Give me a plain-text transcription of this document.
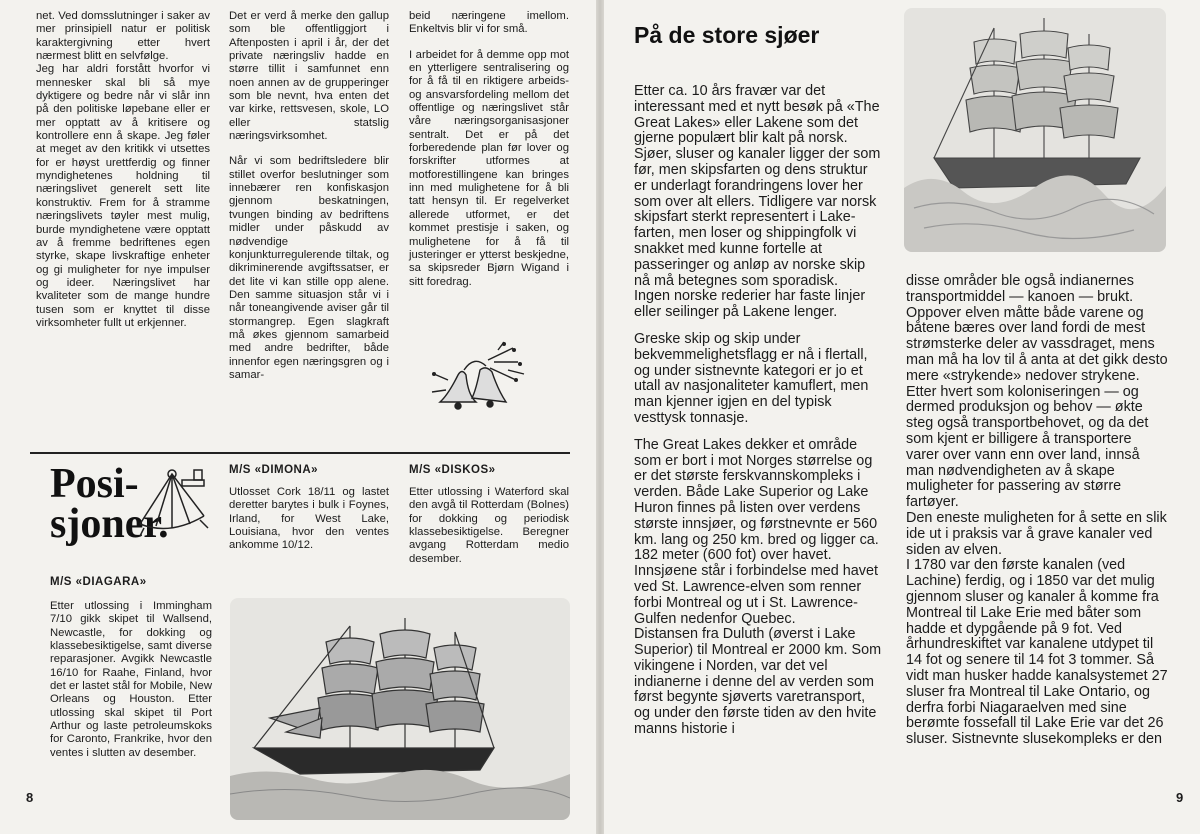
net. Ved domsslutninger i saker av mer prinsipiell natur er politisk karaktergivning etter hvert nærmest blitt en selvfølge.

Jeg har aldri forstått hvorfor vi mennesker skal bli så mye dyktigere og bedre når vi slår inn på den politiske løpebane eller er mer opptatt av å kritisere og kontrollere enn å skape. Jeg føler at meget av den kritikk vi utsettes for er høyst urettferdig og finner myndighetenes holdning til næringslivet generelt sett lite konstruktiv. Frem for å stramme næringslivets tøyler mest mulig, burde myndighetene være opptatt av å fremme bedriftenes egen styrke, skape livskraftige enheter og gi muligheter for nye impulser og ideer. Næringslivet har kvaliteter som de mange hundre tusen som er knyttet til disse virksomheter fullt ut erkjenner.

Det er verd å merke den gallup som ble offentliggjort i Aftenposten i april i år, der det private næringsliv hadde en større tillit i samfunnet enn noen annen av de grupperinger som ble nevnt, hva enten det var kirke, rettsvesen, skole, LO eller statslig næringsvirksomhet.

Når vi som bedriftsledere blir stillet overfor beslutninger som innebærer ren konfiskasjon gjennom beskatningen, tvungen binding av bedriftens midler under påskudd av nødvendige konjunkturregulerende tiltak, og dikriminerende avgiftssatser, er det lite vi kan stille opp alene. Den samme situasjon står vi i når toneangivende aviser går til stormangrep. Egen slagkraft må økes gjennom samarbeid med andre bedrifter, både innenfor egen næringsgren og i samar-

beid næringene imellom. Enkeltvis blir vi for små.

I arbeidet for å demme opp mot en ytterligere sentralisering og for å få til en riktigere arbeids- og ansvarsfordeling mellom det offentlige og næringslivet står våre næringsorganisasjoner sentralt. Det er på det forberedende plan før lover og forskrifter utformes at motforestillingene kan bringes inn med mulighetene for å bli tatt hensyn til. Er regelverket allerede utformet, er det kommet prestisje i saken, og mulighetene for å få til justeringer er ytterst beskjedne, sa skipsreder Bjørn Wigand i sitt foredrag.

Posi-
sjoner.
M/S «DIAGARA»

Etter utlossing i Immingham 7/10 gikk skipet til Wallsend, Newcastle, for dokking og klassebesiktigelse, samt diverse reparasjoner. Avgikk Newcastle 16/10 for Raahe, Finland, hvor det er lastet stål for Mobile, New Orleans og Houston. Etter utlossing skal skipet til Port Arthur og laste petroleumskoks for Caronto, Frankrike, hvor den ventes i slutten av desember.

M/S «DIMONA»

Utlosset Cork 18/11 og lastet deretter barytes i bulk i Foynes, Irland, for West Lake, Louisiana, hvor den ventes ankomme 10/12.

M/S «DISKOS»

Etter utlossing i Waterford skal den avgå til Rotterdam (Bolnes) for dokking og periodisk klassebesiktigelse. Beregner avgang Rotterdam medio desember.

8
På de store sjøer

Etter ca. 10 års fravær var det interessant med et nytt besøk på «The Great Lakes» eller Lakene som det gjerne populært blir kalt på norsk.

Sjøer, sluser og kanaler ligger der som før, men skipsfarten og dens struktur er underlagt forandringens lover her som over alt ellers. Tidligere var norsk skipsfart sterkt representert i Lake-farten, men loser og shippingfolk vi snakket med kunne fortelle at passeringer og anløp av norske skip nå må betegnes som sporadisk.

Ingen norske rederier har faste linjer eller seilinger på Lakene lenger.

Greske skip og skip under bekvemmelighetsflagg er nå i flertall, og under sistnevnte kategori er jo et utall av nasjonaliteter kamuflert, men man kjenner igjen en del typisk vesttysk tonnasje.

The Great Lakes dekker et område som er bort i mot Norges størrelse og er det største ferskvannskompleks i verden. Både Lake Superior og Lake Huron finnes på listen over verdens største innsjøer, og førstnevnte er 560 km. lang og 250 km. bred og ligger ca. 182 meter (600 fot) over havet.

Innsjøene står i forbindelse med havet ved St. Lawrence-elven som renner forbi Montreal og ut i St. Lawrence-Gulfen nedenfor Quebec.

Distansen fra Duluth (øverst i Lake Superior) til Montreal er 2000 km. Som vikingene i Norden, var det vel indianerne i denne del av verden som først begynte sjøverts varetransport, og under den første tiden av den hvite manns historie i

disse områder ble også indianernes transportmiddel — kanoen — brukt.

Oppover elven måtte både varene og båtene bæres over land fordi de mest strømsterke deler av vassdraget, mens man må ha lov til å anta at det gikk desto mere «strykende» nedover strykene.

Etter hvert som koloniseringen — og dermed produksjon og behov — økte steg også transportbehovet, og da det som kjent er billigere å transportere varer over vann enn over land, innså man nødvendigheten av å skape muligheter for passering av større fartøyer.

Den eneste muligheten for å sette en slik ide ut i praksis var å grave kanaler ved siden av elven.

I 1780 var den første kanalen (ved Lachine) ferdig, og i 1850 var det mulig gjennom sluser og kanaler å komme fra Montreal til Lake Erie med båter som hadde et dypgående på 9 fot. Ved århundreskiftet var kanalene utdypet til 14 fot og senere til 14 fot 3 tommer. Så vidt man husker hadde kanalsystemet 27 sluser fra Montreal til Lake Ontario, og derfra forbi Niagaraelven med sine berømte fossefall til Lake Erie var det 26 sluser. Sistnevnte slusekompleks er den

9
